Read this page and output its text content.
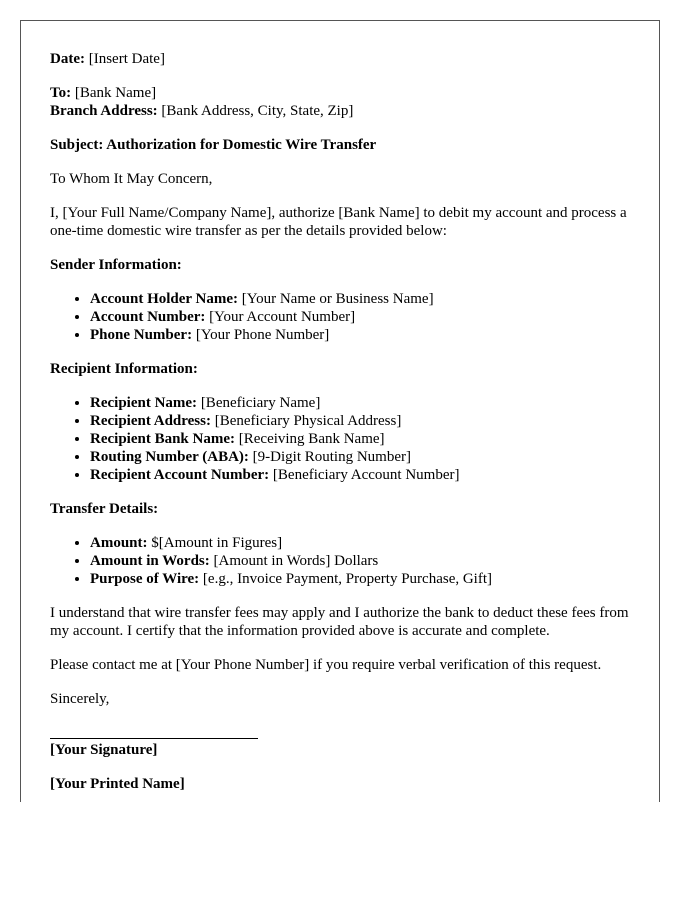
Date: [Insert Date]

To: [Bank Name]
Branch Address: [Bank Address, City, State, Zip]

Subject: Authorization for Domestic Wire Transfer

To Whom It May Concern,

I, [Your Full Name/Company Name], authorize [Bank Name] to debit my account and process a one-time domestic wire transfer as per the details provided below:

Sender Information:

• Account Holder Name: [Your Name or Business Name]
• Account Number: [Your Account Number]
• Phone Number: [Your Phone Number]

Recipient Information:

• Recipient Name: [Beneficiary Name]
• Recipient Address: [Beneficiary Physical Address]
• Recipient Bank Name: [Receiving Bank Name]
• Routing Number (ABA): [9-Digit Routing Number]
• Recipient Account Number: [Beneficiary Account Number]

Transfer Details:

• Amount: $[Amount in Figures]
• Amount in Words: [Amount in Words] Dollars
• Purpose of Wire: [e.g., Invoice Payment, Property Purchase, Gift]

I understand that wire transfer fees may apply and I authorize the bank to deduct these fees from my account. I certify that the information provided above is accurate and complete.

Please contact me at [Your Phone Number] if you require verbal verification of this request.

Sincerely,

[Your Signature]

[Your Printed Name]
